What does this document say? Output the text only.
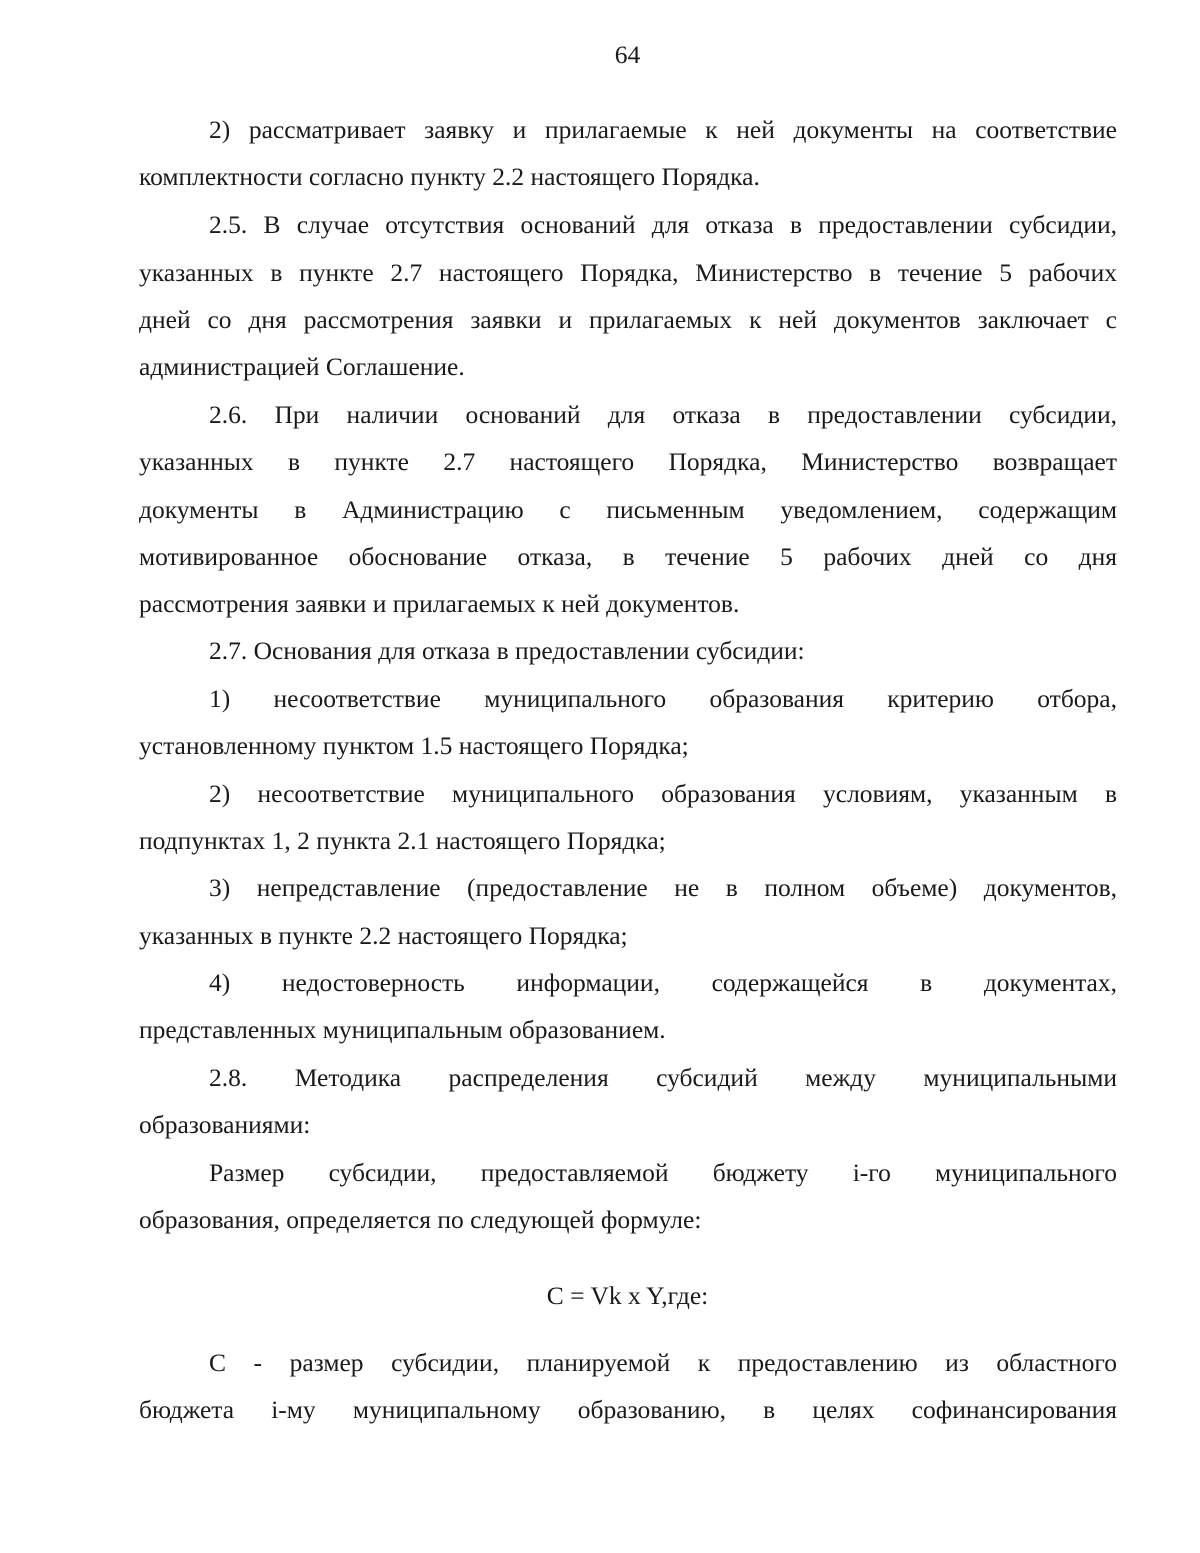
64
2) рассматривает заявку и прилагаемые к ней документы на соответствие
комплектности согласно пункту 2.2 настоящего Порядка.
2.5. В случае отсутствия оснований для отказа в предоставлении субсидии,
указанных в пункте 2.7 настоящего Порядка, Министерство в течение 5 рабочих
дней со дня рассмотрения заявки и прилагаемых к ней документов заключает с
администрацией Соглашение.
2.6. При наличии оснований для отказа в предоставлении субсидии,
указанных в пункте 2.7 настоящего Порядка, Министерство возвращает
документы в Администрацию с письменным уведомлением, содержащим
мотивированное обоснование отказа, в течение 5 рабочих дней со дня
рассмотрения заявки и прилагаемых к ней документов.
2.7. Основания для отказа в предоставлении субсидии:
1) несоответствие муниципального образования критерию отбора,
установленному пунктом 1.5 настоящего Порядка;
2) несоответствие муниципального образования условиям, указанным в
подпунктах 1, 2 пункта 2.1 настоящего Порядка;
3) непредставление (предоставление не в полном объеме) документов,
указанных в пункте 2.2 настоящего Порядка;
4) недостоверность информации, содержащейся в документах,
представленных муниципальным образованием.
2.8. Методика распределения субсидий между муниципальными
образованиями:
Размер субсидии, предоставляемой бюджету i-го муниципального
образования, определяется по следующей формуле:
C = Vk x Y,где:
C - размер субсидии, планируемой к предоставлению из областного
бюджета i-му муниципальному образованию, в целях софинансирования
